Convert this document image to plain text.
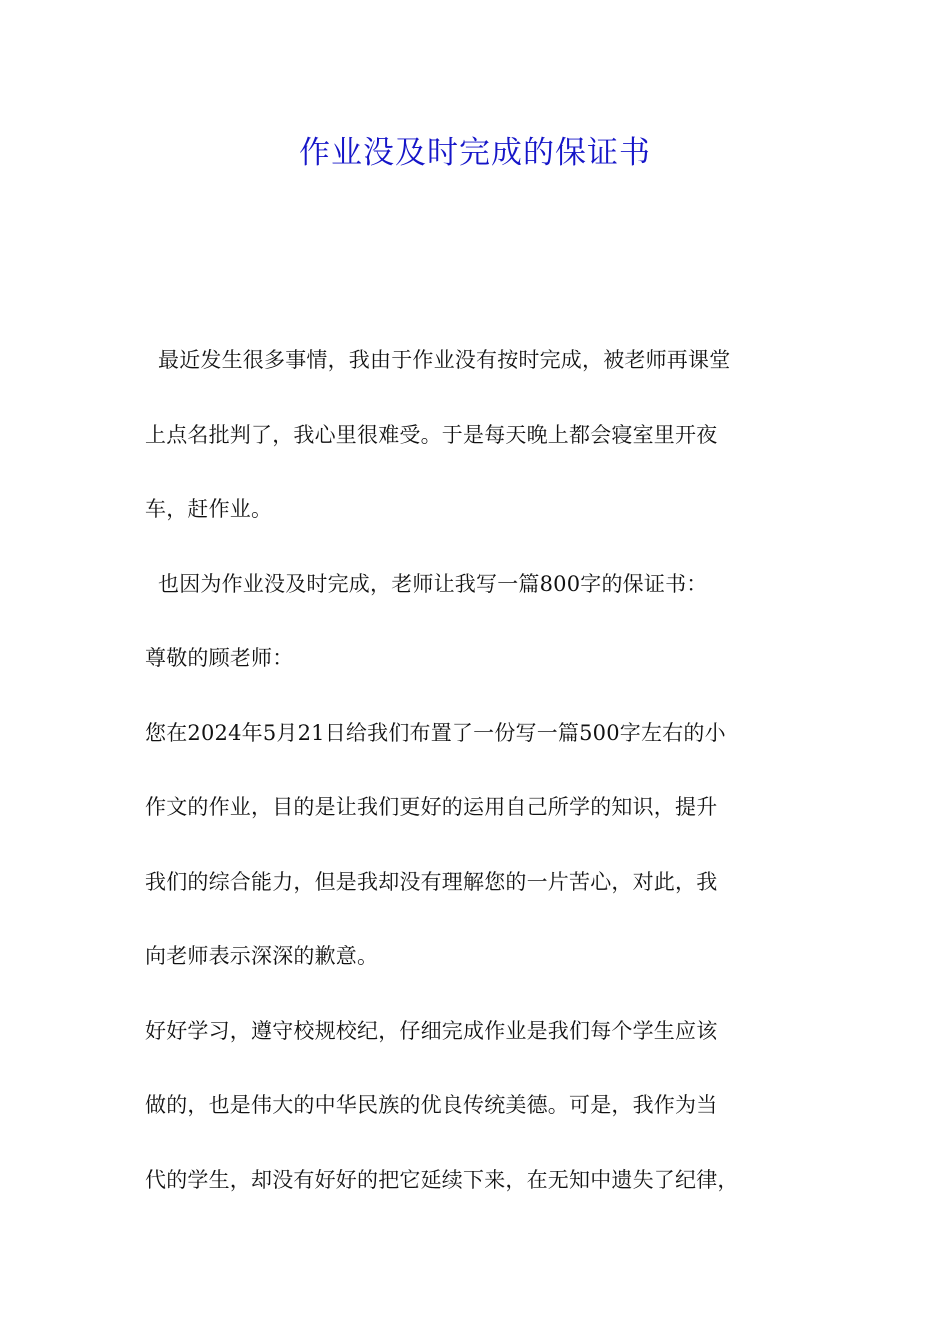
作业没及时完成的保证书
最近发生很多事情，我由于作业没有按时完成，被老师再课堂
上点名批判了，我心里很难受。于是每天晚上都会寝室里开夜
车，赶作业。
也因为作业没及时完成，老师让我写一篇800字的保证书：
尊敬的顾老师：
您在2024年5月21日给我们布置了一份写一篇500字左右的小
作文的作业，目的是让我们更好的运用自己所学的知识，提升
我们的综合能力，但是我却没有理解您的一片苦心，对此，我
向老师表示深深的歉意。
好好学习，遵守校规校纪，仔细完成作业是我们每个学生应该
做的，也是伟大的中华民族的优良传统美德。可是，我作为当
代的学生，却没有好好的把它延续下来，在无知中遗失了纪律，
